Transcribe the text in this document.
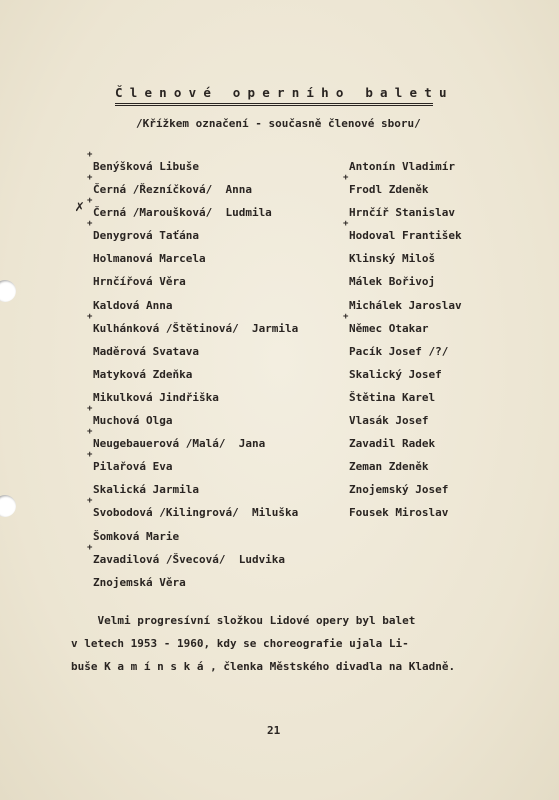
Členové operního baletu

/Křížkem označení - současně členové sboru/

✗
+
Benýšková Libuše
+
Černá /Řezníčková/  Anna
+
Černá /Maroušková/  Ludmila
+
Denygrová Taťána
Holmanová Marcela
Hrnčířová Věra
Kaldová Anna
+
Kulhánková /Štětinová/  Jarmila
Maděrová Svatava
Matyková Zdeňka
Mikulková Jindřiška
+
Muchová Olga
+
Neugebauerová /Malá/  Jana
+
Pilařová Eva
Skalická Jarmila
+
Svobodová /Kilingrová/  Miluška
Šomková Marie
+
Zavadilová /Švecová/  Ludvika
Znojemská Věra
Antonín Vladimír
+
Frodl Zdeněk
Hrnčíř Stanislav
+
Hodoval František
Klinský Miloš
Málek Bořivoj
Michálek Jaroslav
+
Němec Otakar
Pacík Josef /?/
Skalický Josef
Štětina Karel
Vlasák Josef
Zavadil Radek
Zeman Zdeněk
Znojemský Josef
Fousek Miroslav
Velmi progresívní složkou Lidové opery byl balet
v letech 1953 - 1960, kdy se choreografie ujala Li-
buše K a m í n s k á , členka Městského divadla na Kladně.

21
